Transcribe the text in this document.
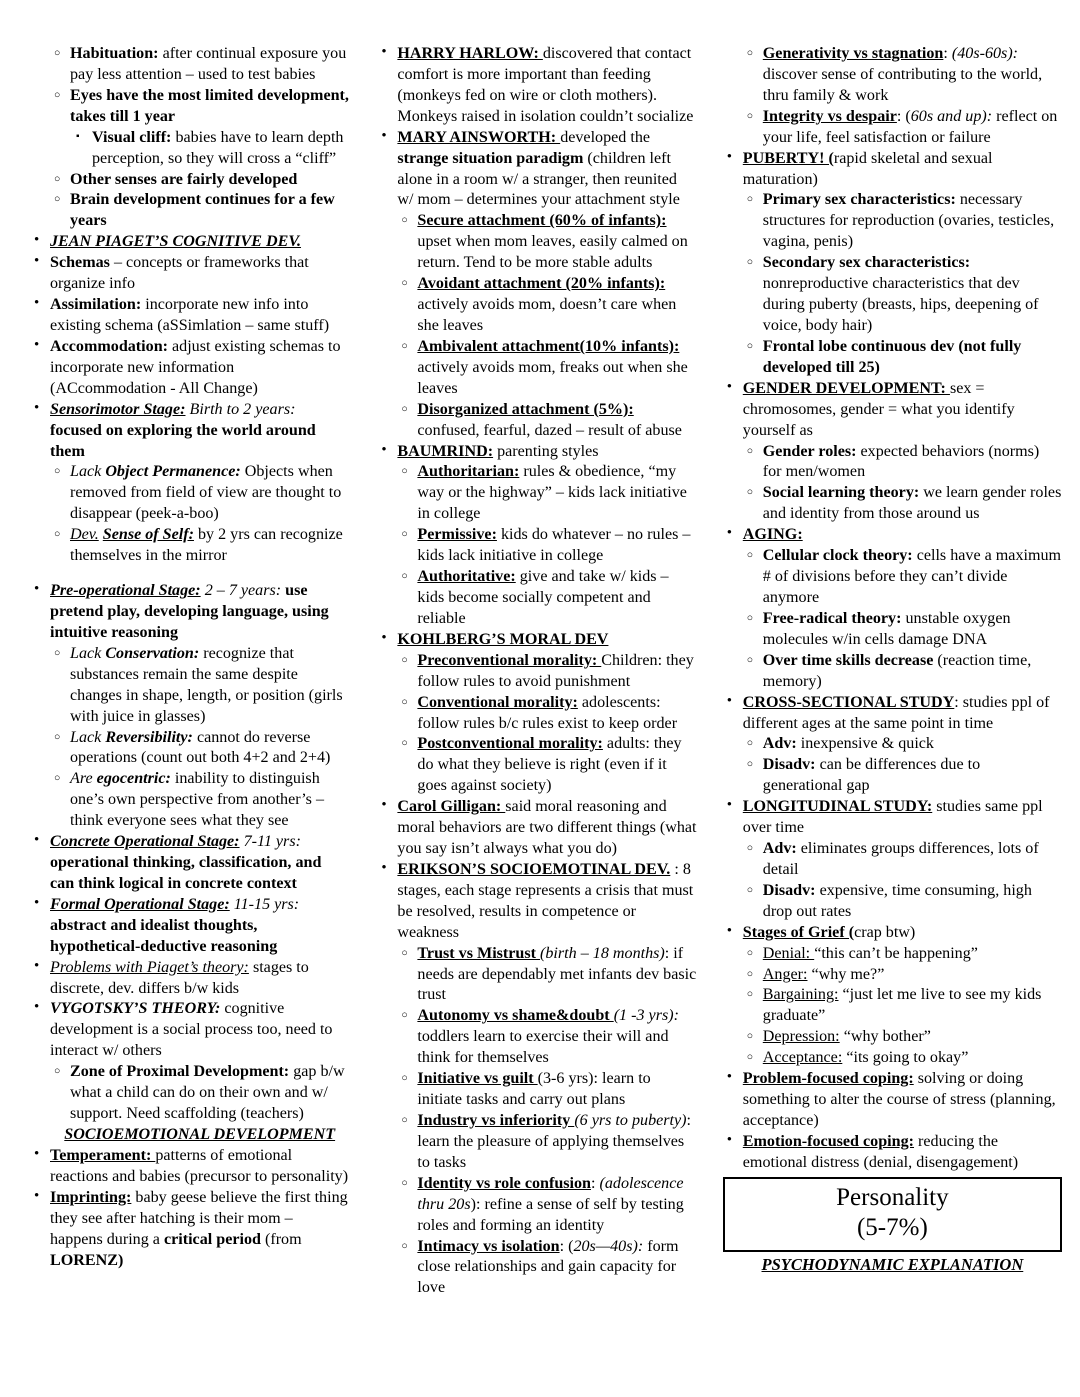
○ Habituation: after continual exposure you pay less attention – used to test babies
○ Eyes have the most limited development, takes till 1 year
▪ Visual cliff: babies have to learn depth perception, so they will cross a “cliff”
○ Other senses are fairly developed
○ Brain development continues for a few years
• JEAN PIAGET’S COGNITIVE DEV.
• Schemas – concepts or frameworks that organize info
• Assimilation: incorporate new info into existing schema (aSSimlation – same stuff)
• Accommodation: adjust existing schemas to incorporate new information (ACcommodation - All Change)
• Sensorimotor Stage: Birth to 2 years: focused on exploring the world around them
○ Lack Object Permanence: Objects when removed from field of view are thought to disappear (peek-a-boo)
○ Dev. Sense of Self: by 2 yrs can recognize themselves in the mirror
• Pre-operational Stage: 2 – 7 years: use pretend play, developing language, using intuitive reasoning
○ Lack Conservation: recognize that substances remain the same despite changes in shape, length, or position (girls with juice in glasses)
○ Lack Reversibility: cannot do reverse operations (count out both 4+2 and 2+4)
○ Are egocentric: inability to distinguish one’s own perspective from another’s – think everyone sees what they see
• Concrete Operational Stage: 7-11 yrs: operational thinking, classification, and can think logical in concrete context
• Formal Operational Stage: 11-15 yrs: abstract and idealist thoughts, hypothetical-deductive reasoning
• Problems with Piaget’s theory: stages to discrete, dev. differs b/w kids
• VYGOTSKY’S THEORY: cognitive development is a social process too, need to interact w/ others
○ Zone of Proximal Development: gap b/w what a child can do on their own and w/ support. Need scaffolding (teachers)
SOCIOEMOTIONAL DEVELOPMENT
• Temperament: patterns of emotional reactions and babies (precursor to personality)
• Imprinting: baby geese believe the first thing they see after hatching is their mom – happens during a critical period (from LORENZ)
• HARRY HARLOW: discovered that contact comfort is more important than feeding (monkeys fed on wire or cloth mothers). Monkeys raised in isolation couldn’t socialize
• MARY AINSWORTH: developed the strange situation paradigm (children left alone in a room w/ a stranger, then reunited w/ mom – determines your attachment style
○ Secure attachment (60% of infants): upset when mom leaves, easily calmed on return. Tend to be more stable adults
○ Avoidant attachment (20% infants): actively avoids mom, doesn’t care when she leaves
○ Ambivalent attachment(10% infants): actively avoids mom, freaks out when she leaves
○ Disorganized attachment (5%): confused, fearful, dazed – result of abuse
• BAUMRIND: parenting styles
○ Authoritarian: rules & obedience, “my way or the highway” – kids lack initiative in college
○ Permissive: kids do whatever – no rules – kids lack initiative in college
○ Authoritative: give and take w/ kids – kids become socially competent and reliable
• KOHLBERG’S MORAL DEV
○ Preconventional morality: Children: they follow rules to avoid punishment
○ Conventional morality: adolescents: follow rules b/c rules exist to keep order
○ Postconventional morality: adults: they do what they believe is right (even if it goes against society)
• Carol Gilligan: said moral reasoning and moral behaviors are two different things (what you say isn’t always what you do)
• ERIKSON’S SOCIOEMOTINAL DEV. : 8 stages, each stage represents a crisis that must be resolved, results in competence or weakness
○ Trust vs Mistrust (birth – 18 months): if needs are dependably met infants dev basic trust
○ Autonomy vs shame&doubt (1 -3 yrs): toddlers learn to exercise their will and think for themselves
○ Initiative vs guilt (3-6 yrs): learn to initiate tasks and carry out plans
○ Industry vs inferiority (6 yrs to puberty): learn the pleasure of applying themselves to tasks
○ Identity vs role confusion: (adolescence thru 20s): refine a sense of self by testing roles and forming an identity
○ Intimacy vs isolation: (20s—40s): form close relationships and gain capacity for love
○ Generativity vs stagnation: (40s-60s): discover sense of contributing to the world, thru family & work
○ Integrity vs despair: (60s and up): reflect on your life, feel satisfaction or failure
• PUBERTY! (rapid skeletal and sexual maturation)
○ Primary sex characteristics: necessary structures for reproduction (ovaries, testicles, vagina, penis)
○ Secondary sex characteristics: nonreproductive characteristics that dev during puberty (breasts, hips, deepening of voice, body hair)
○ Frontal lobe continuous dev (not fully developed till 25)
• GENDER DEVELOPMENT: sex = chromosomes, gender = what you identify yourself as
○ Gender roles: expected behaviors (norms) for men/women
○ Social learning theory: we learn gender roles and identity from those around us
• AGING:
○ Cellular clock theory: cells have a maximum # of divisions before they can’t divide anymore
○ Free-radical theory: unstable oxygen molecules w/in cells damage DNA
○ Over time skills decrease (reaction time, memory)
• CROSS-SECTIONAL STUDY: studies ppl of different ages at the same point in time
○ Adv: inexpensive & quick
○ Disadv: can be differences due to generational gap
• LONGITUDINAL STUDY: studies same ppl over time
○ Adv: eliminates groups differences, lots of detail
○ Disadv: expensive, time consuming, high drop out rates
• Stages of Grief (crap btw)
○ Denial: “this can’t be happening”
○ Anger: “why me?”
○ Bargaining: “just let me live to see my kids graduate”
○ Depression: “why bother”
○ Acceptance: “its going to okay”
• Problem-focused coping: solving or doing something to alter the course of stress (planning, acceptance)
• Emotion-focused coping: reducing the emotional distress (denial, disengagement)
Personality
(5-7%)
PSYCHODYNAMIC EXPLANATION
